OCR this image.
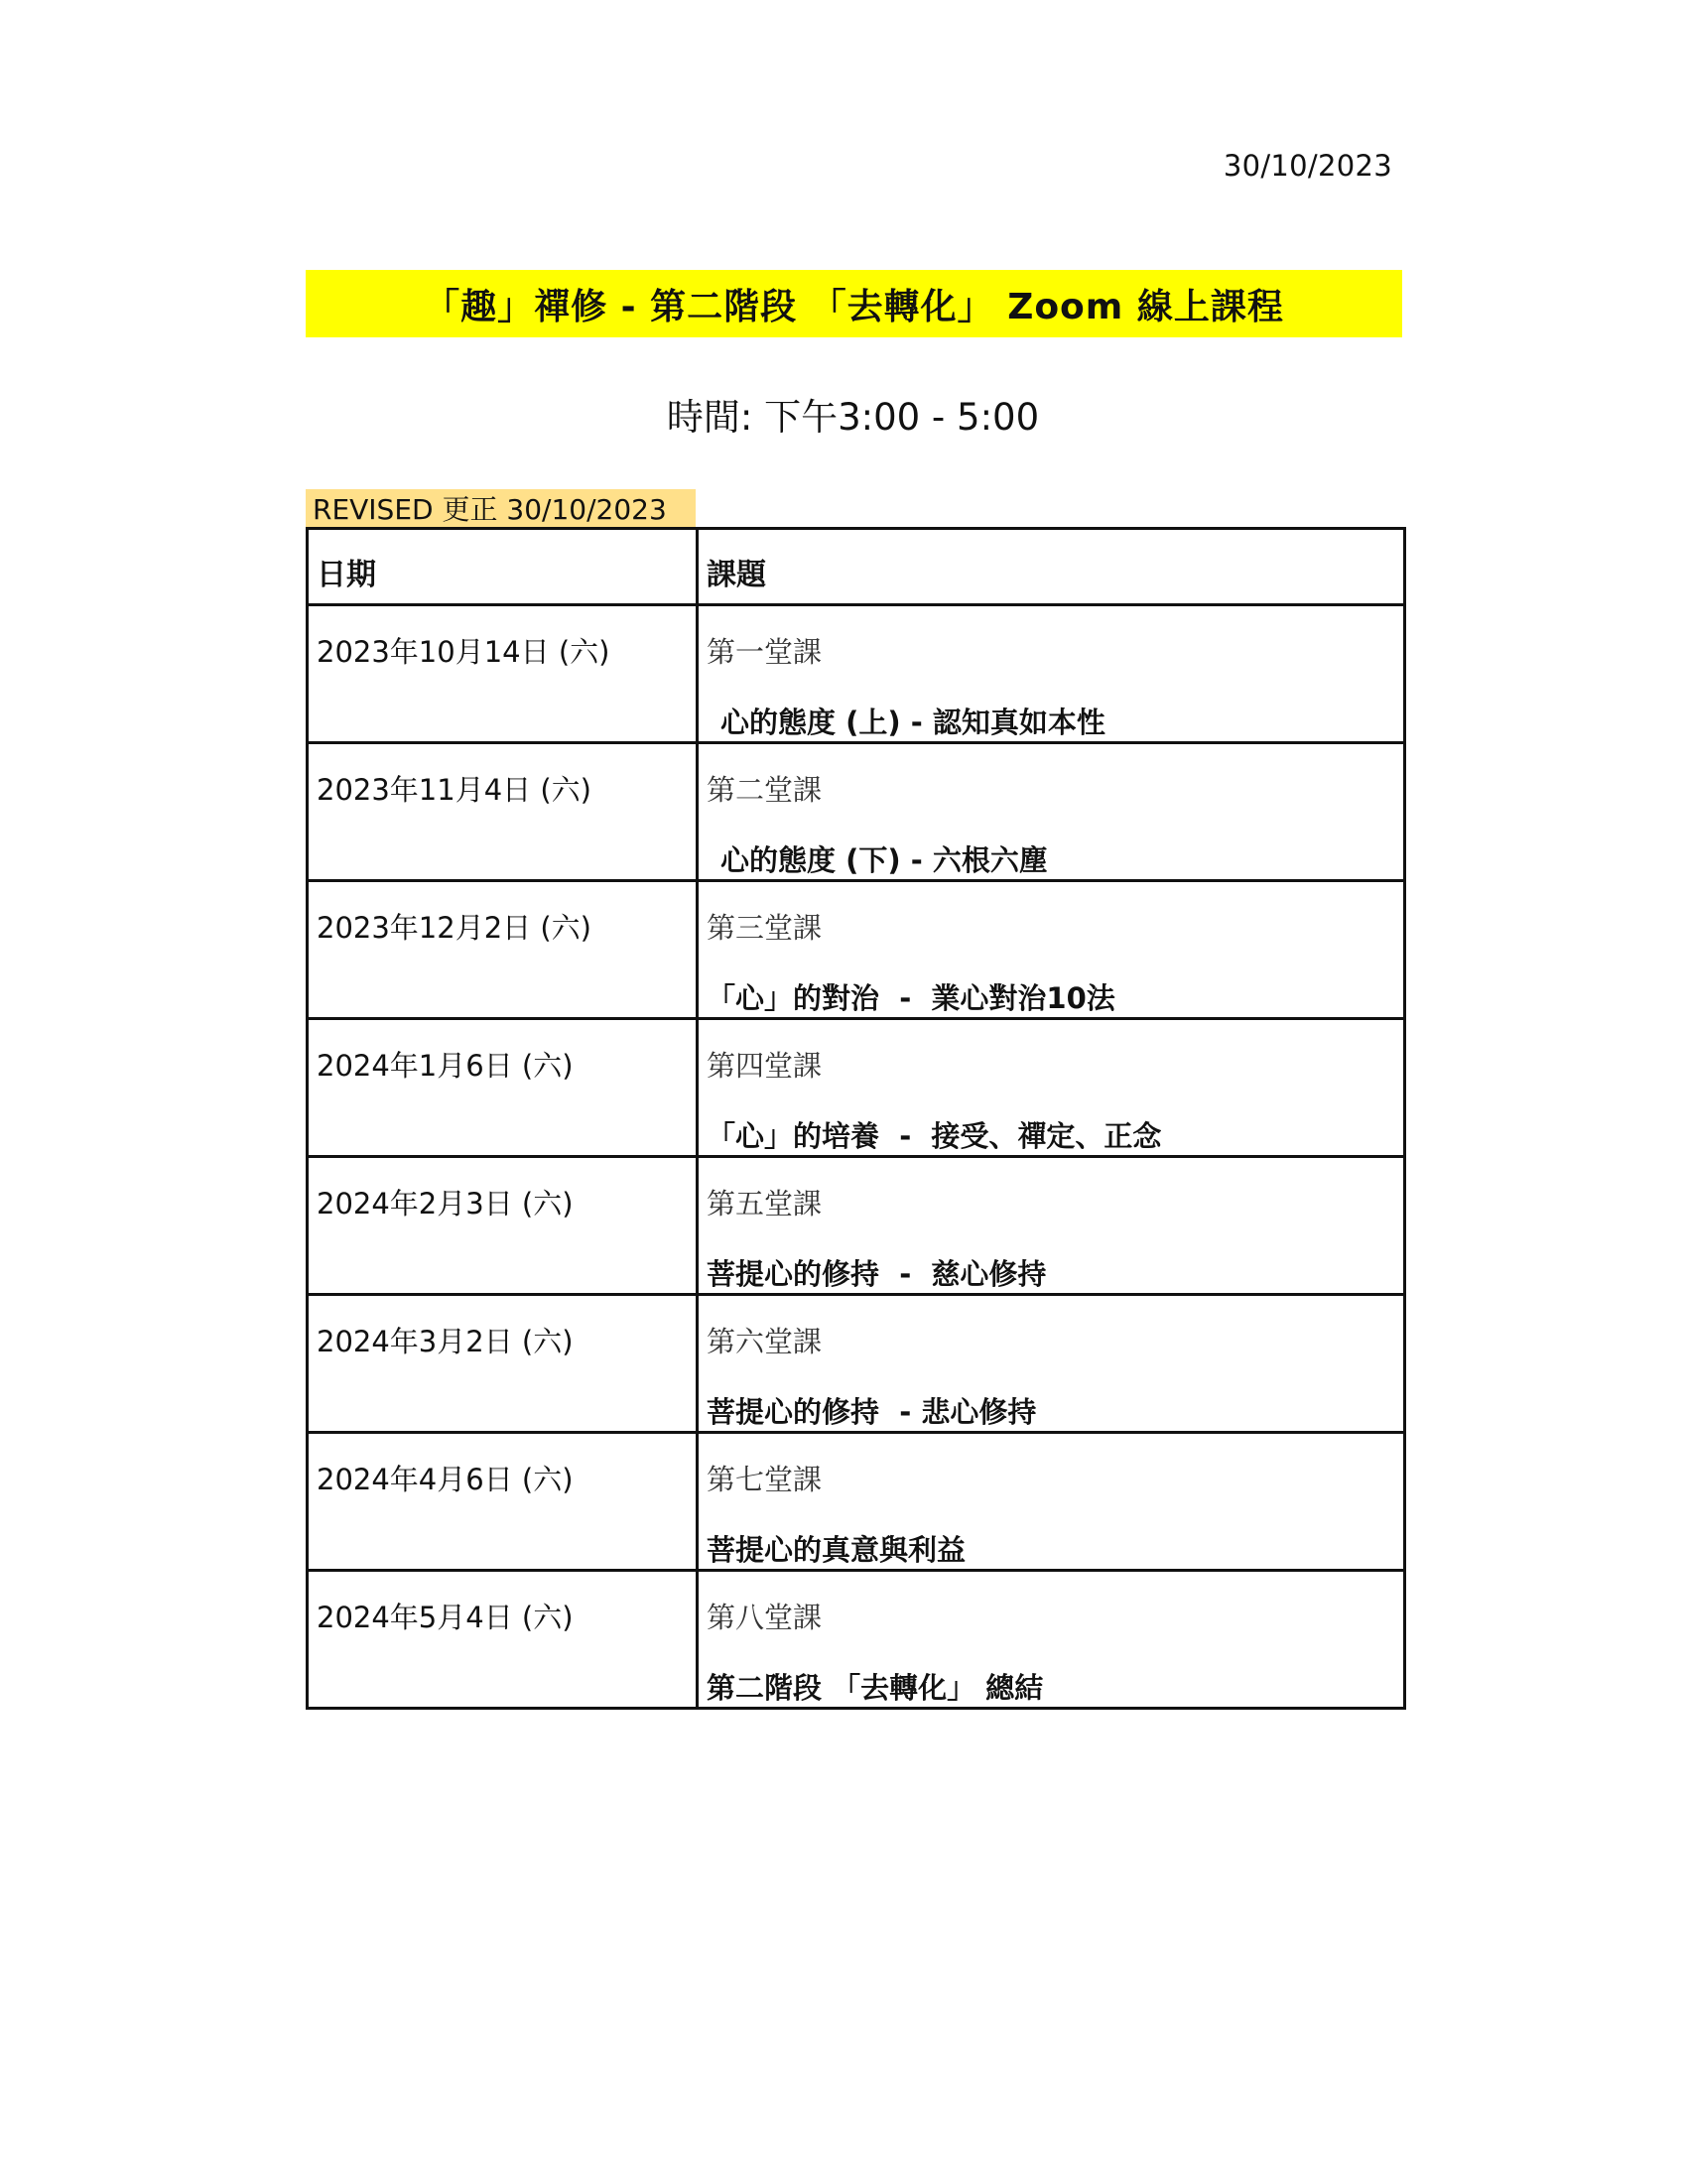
30/10/2023
「趣」禪修 - 第二階段 「去轉化」 Zoom 線上課程
時間: 下午3:00 - 5:00
REVISED 更正 30/10/2023
日期	課題

2023年10月14日 (六)	第一堂課
心的態度 (上) - 認知真如本性

2023年11月4日 (六)	第二堂課
心的態度 (下) - 六根六塵

2023年12月2日 (六)	第三堂課
「心」的對治  -  業心對治10法

2024年1月6日 (六)	第四堂課
「心」的培養  -  接受、禪定、正念

2024年2月3日 (六)	第五堂課
菩提心的修持  -  慈心修持

2024年3月2日 (六)	第六堂課
菩提心的修持  - 悲心修持

2024年4月6日 (六)	第七堂課
菩提心的真意與利益

2024年5月4日 (六)	第八堂課
第二階段 「去轉化」 總結
